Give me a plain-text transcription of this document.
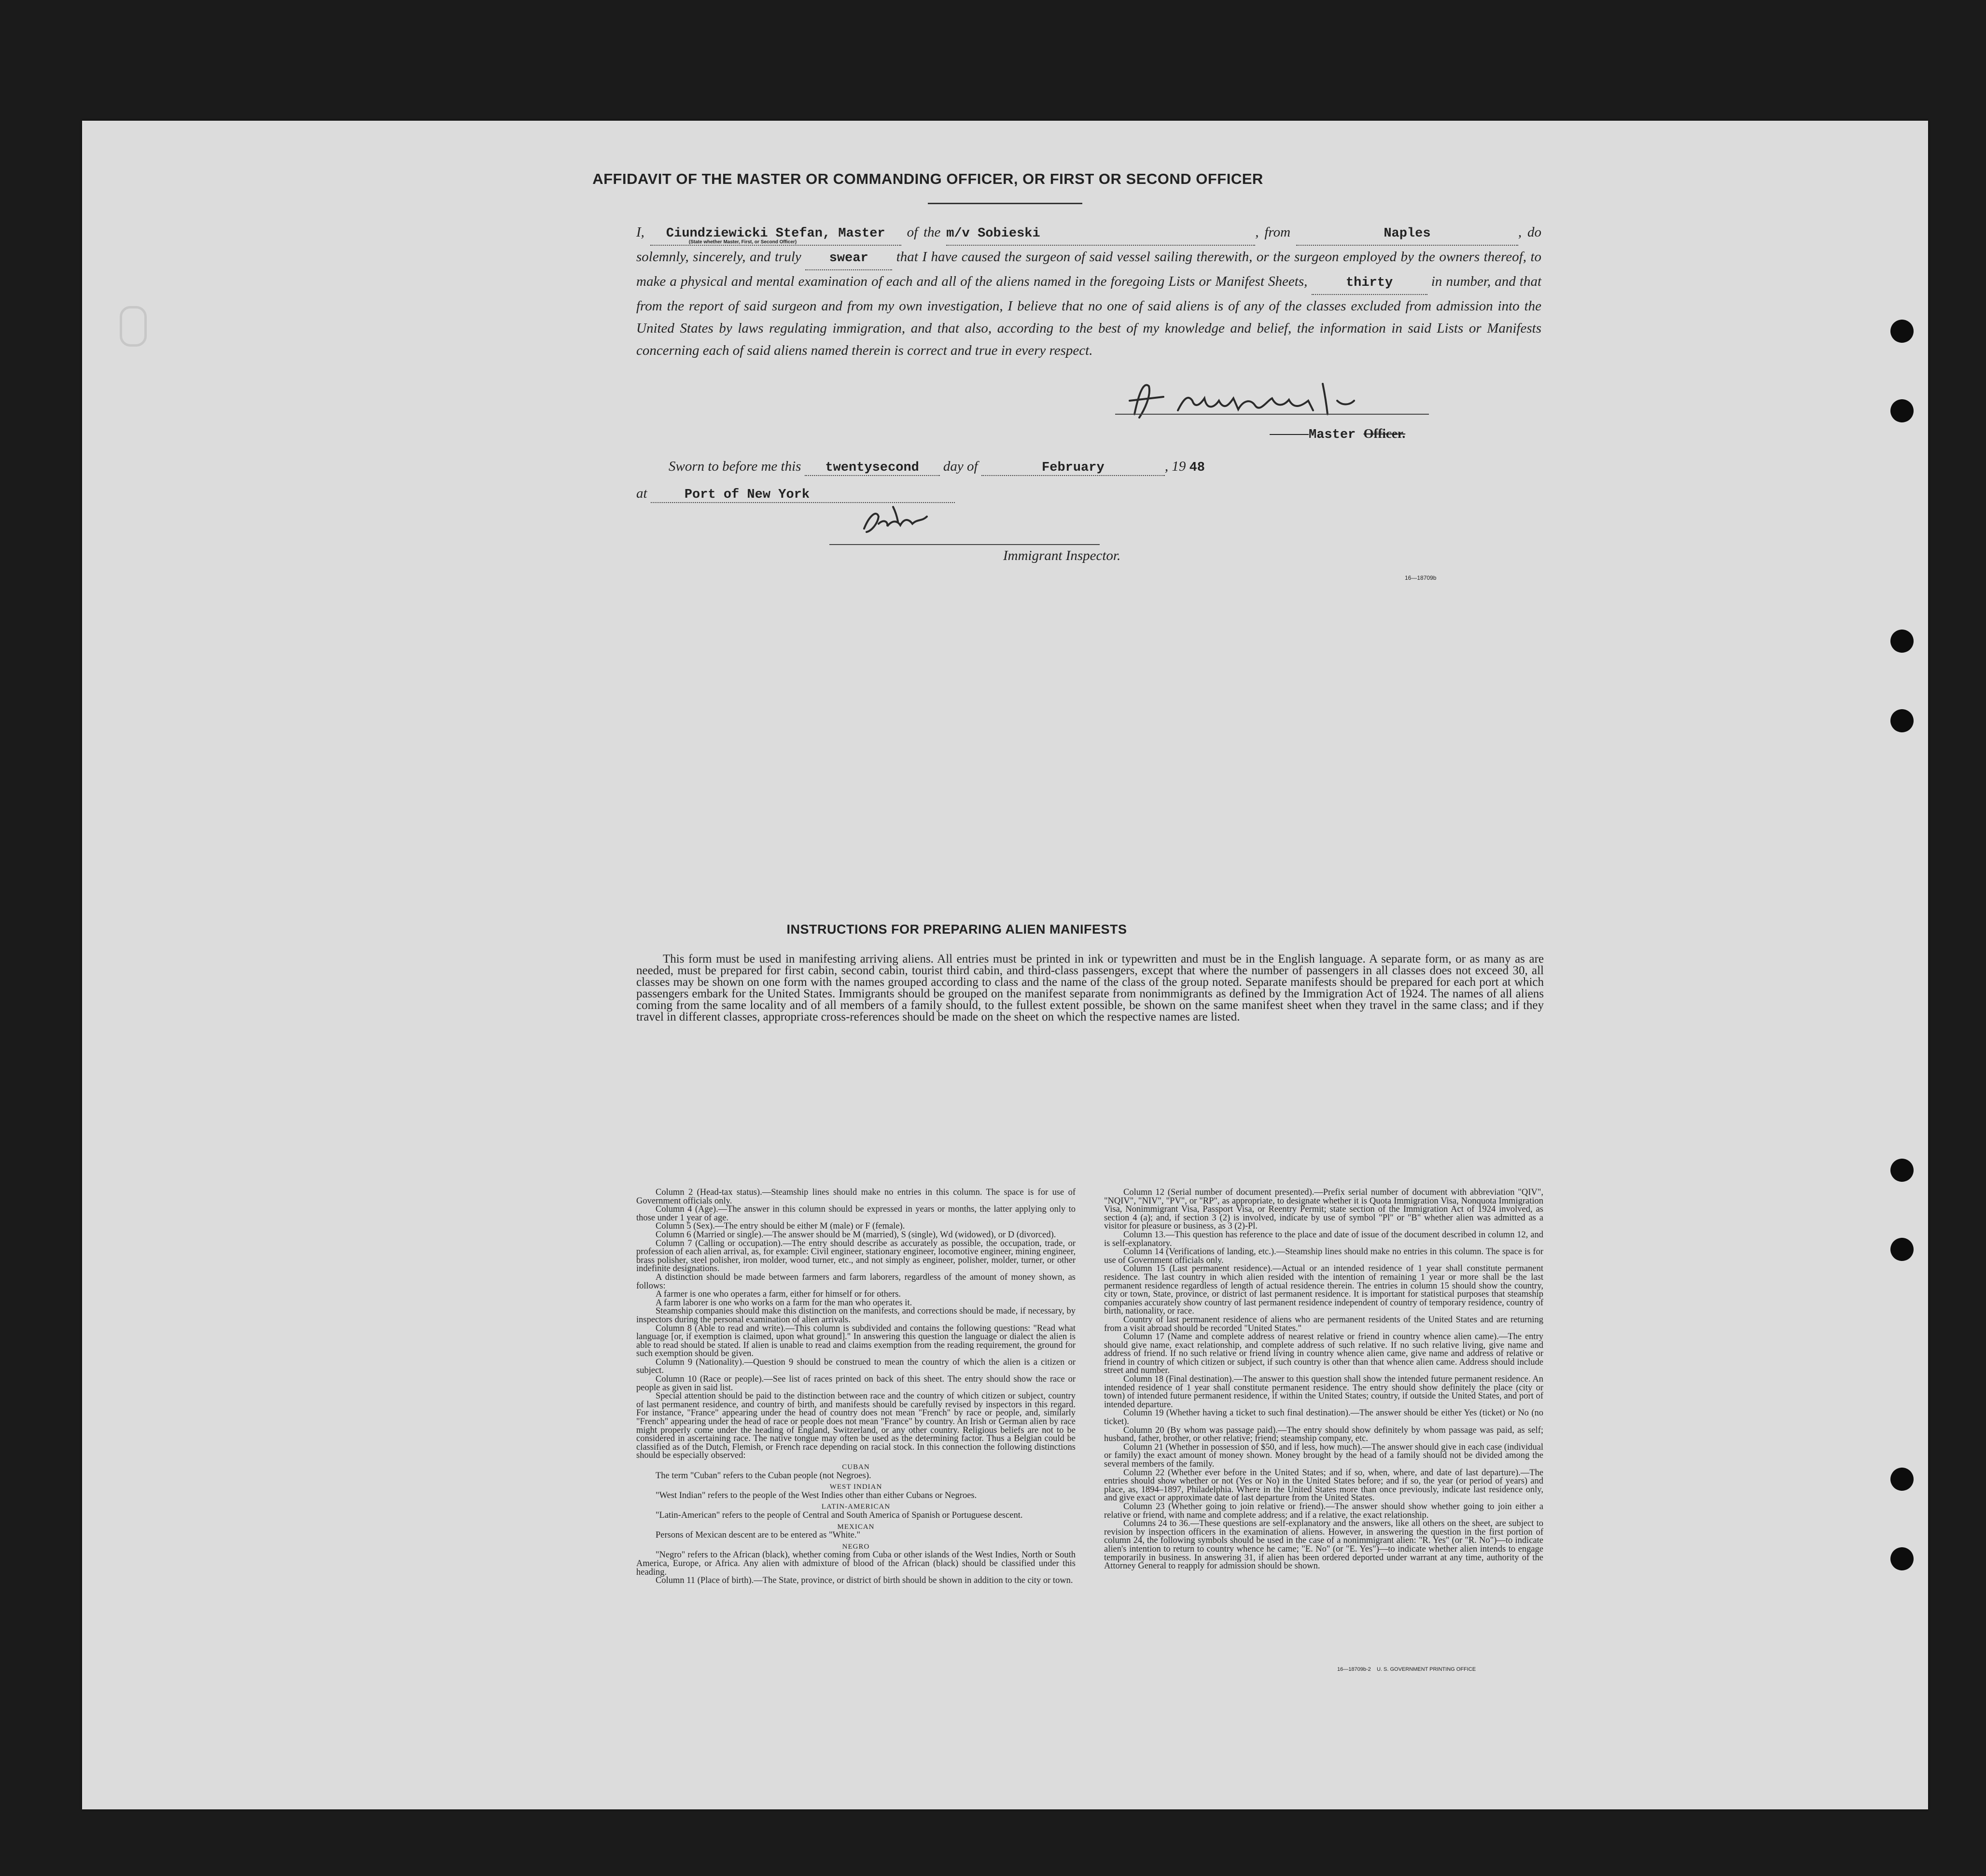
AFFIDAVIT OF THE MASTER OR COMMANDING OFFICER, OR FIRST OR SECOND OFFICER
I, Ciundziewicki Stefan, Master
(State whether Master, First, or Second Officer)
of the m/v Sobieski	, from	Naples	, do solemnly, sincerely, and truly swear that I have caused the surgeon of said vessel sailing therewith, or the surgeon employed by the owners thereof, to make a physical and mental examination of each and all of the aliens named in the foregoing Lists or Manifest Sheets,	thirty	in number, and that from the report of said surgeon and from my own investigation, I believe that no one of said aliens is of any of the classes excluded from admission into the United States by laws regulating immigration, and that also, according to the best of my knowledge and belief, the information in said Lists or Manifests concerning each of said aliens named therein is correct and true in every respect.
Master Officer.
Sworn to before me this twentysecond day of	February	, 19 48
at	Port of New York
Immigrant Inspector.
16—18709b
INSTRUCTIONS FOR PREPARING ALIEN MANIFESTS
This form must be used in manifesting arriving aliens. All entries must be printed in ink or typewritten and must be in the English language. A separate form, or as many as are needed, must be prepared for first cabin, second cabin, tourist third cabin, and third-class passengers, except that where the number of passengers in all classes does not exceed 30, all classes may be shown on one form with the names grouped according to class and the name of the class of the group noted. Separate manifests should be prepared for each port at which passengers embark for the United States. Immigrants should be grouped on the manifest separate from nonimmigrants as defined by the Immigration Act of 1924. The names of all aliens coming from the same locality and of all members of a family should, to the fullest extent possible, be shown on the same manifest sheet when they travel in the same class; and if they travel in different classes, appropriate cross-references should be made on the sheet on which the respective names are listed.

Column 2 (Head-tax status).—Steamship lines should make no entries in this column. The space is for use of Government officials only.

Column 4 (Age).—The answer in this column should be expressed in years or months, the latter applying only to those under 1 year of age.

Column 5 (Sex).—The entry should be either M (male) or F (female).

Column 6 (Married or single).—The answer should be M (married), S (single), Wd (widowed), or D (divorced).

Column 7 (Calling or occupation).—The entry should describe as accurately as possible, the occupation, trade, or profession of each alien arrival, as, for example: Civil engineer, stationary engineer, locomotive engineer, mining engineer, brass polisher, steel polisher, iron molder, wood turner, etc., and not simply as engineer, polisher, molder, turner, or other indefinite designations.

A distinction should be made between farmers and farm laborers, regardless of the amount of money shown, as follows:

A farmer is one who operates a farm, either for himself or for others.

A farm laborer is one who works on a farm for the man who operates it.

Steamship companies should make this distinction on the manifests, and corrections should be made, if necessary, by inspectors during the personal examination of alien arrivals.

Column 8 (Able to read and write).—This column is subdivided and contains the following questions: "Read what language [or, if exemption is claimed, upon what ground]." In answering this question the language or dialect the alien is able to read should be stated. If alien is unable to read and claims exemption from the reading requirement, the ground for such exemption should be given.

Column 9 (Nationality).—Question 9 should be construed to mean the country of which the alien is a citizen or subject.

Column 10 (Race or people).—See list of races printed on back of this sheet. The entry should show the race or people as given in said list.

Special attention should be paid to the distinction between race and the country of which citizen or subject, country of last permanent residence, and country of birth, and manifests should be carefully revised by inspectors in this regard. For instance, "France" appearing under the head of country does not mean "French" by race or people, and, similarly "French" appearing under the head of race or people does not mean "France" by country. An Irish or German alien by race might properly come under the heading of England, Switzerland, or any other country. Religious beliefs are not to be considered in ascertaining race. The native tongue may often be used as the determining factor. Thus a Belgian could be classified as of the Dutch, Flemish, or French race depending on racial stock. In this connection the following distinctions should be especially observed:

CUBAN

The term "Cuban" refers to the Cuban people (not Negroes).

WEST INDIAN

"West Indian" refers to the people of the West Indies other than either Cubans or Negroes.

LATIN-AMERICAN

"Latin-American" refers to the people of Central and South America of Spanish or Portuguese descent.

MEXICAN

Persons of Mexican descent are to be entered as "White."

NEGRO

"Negro" refers to the African (black), whether coming from Cuba or other islands of the West Indies, North or South America, Europe, or Africa. Any alien with admixture of blood of the African (black) should be classified under this heading.

Column 11 (Place of birth).—The State, province, or district of birth should be shown in addition to the city or town.

Column 12 (Serial number of document presented).—Prefix serial number of document with abbreviation "QIV", "NQIV", "NIV", "PV", or "RP", as appropriate, to designate whether it is Quota Immigration Visa, Nonquota Immigration Visa, Nonimmigrant Visa, Passport Visa, or Reentry Permit; state section of the Immigration Act of 1924 involved, as section 4 (a); and, if section 3 (2) is involved, indicate by use of symbol "Pl" or "B" whether alien was admitted as a visitor for pleasure or business, as 3 (2)-Pl.

Column 13.—This question has reference to the place and date of issue of the document described in column 12, and is self-explanatory.

Column 14 (Verifications of landing, etc.).—Steamship lines should make no entries in this column. The space is for use of Government officials only.

Column 15 (Last permanent residence).—Actual or an intended residence of 1 year shall constitute permanent residence. The last country in which alien resided with the intention of remaining 1 year or more shall be the last permanent residence regardless of length of actual residence therein. The entries in column 15 should show the country, city or town, State, province, or district of last permanent residence. It is important for statistical purposes that steamship companies accurately show country of last permanent residence independent of country of temporary residence, country of birth, nationality, or race.

Country of last permanent residence of aliens who are permanent residents of the United States and are returning from a visit abroad should be recorded "United States."

Column 17 (Name and complete address of nearest relative or friend in country whence alien came).—The entry should give name, exact relationship, and complete address of such relative. If no such relative living, give name and address of friend. If no such relative or friend living in country whence alien came, give name and address of relative or friend in country of which citizen or subject, if such country is other than that whence alien came. Address should include street and number.

Column 18 (Final destination).—The answer to this question shall show the intended future permanent residence. An intended residence of 1 year shall constitute permanent residence. The entry should show definitely the place (city or town) of intended future permanent residence, if within the United States; country, if outside the United States, and port of intended departure.

Column 19 (Whether having a ticket to such final destination).—The answer should be either Yes (ticket) or No (no ticket).

Column 20 (By whom was passage paid).—The entry should show definitely by whom passage was paid, as self; husband, father, brother, or other relative; friend; steamship company, etc.

Column 21 (Whether in possession of $50, and if less, how much).—The answer should give in each case (individual or family) the exact amount of money shown. Money brought by the head of a family should not be divided among the several members of the family.

Column 22 (Whether ever before in the United States; and if so, when, where, and date of last departure).—The entries should show whether or not (Yes or No) in the United States before; and if so, the year (or period of years) and place, as, 1894–1897, Philadelphia. Where in the United States more than once previously, indicate last residence only, and give exact or approximate date of last departure from the United States.

Column 23 (Whether going to join relative or friend).—The answer should show whether going to join either a relative or friend, with name and complete address; and if a relative, the exact relationship.

Columns 24 to 36.—These questions are self-explanatory and the answers, like all others on the sheet, are subject to revision by inspection officers in the examination of aliens. However, in answering the question in the first portion of column 24, the following symbols should be used in the case of a nonimmigrant alien: "R. Yes" (or "R. No")—to indicate alien's intention to return to country whence he came; "E. No" (or "E. Yes")—to indicate whether alien intends to engage temporarily in business. In answering 31, if alien has been ordered deported under warrant at any time, authority of the Attorney General to reapply for admission should be shown.

16—18709b-2    U. S. GOVERNMENT PRINTING OFFICE
